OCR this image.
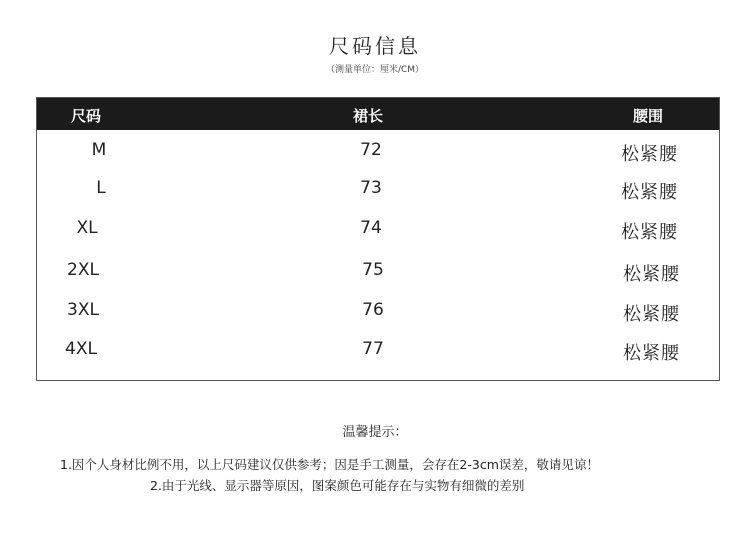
尺码信息
（测量单位：厘米/CM）
尺码	裙长	腰围
M	72	松紧腰
L	73	松紧腰
XL	74	松紧腰
2XL	75	松紧腰
3XL	76	松紧腰
4XL	77	松紧腰
温馨提示：
1.因个人身材比例不用，以上尺码建议仅供参考；因是手工测量，会存在2-3cm误差，敬请见谅！
2.由于光线、显示器等原因，图案颜色可能存在与实物有细微的差别
